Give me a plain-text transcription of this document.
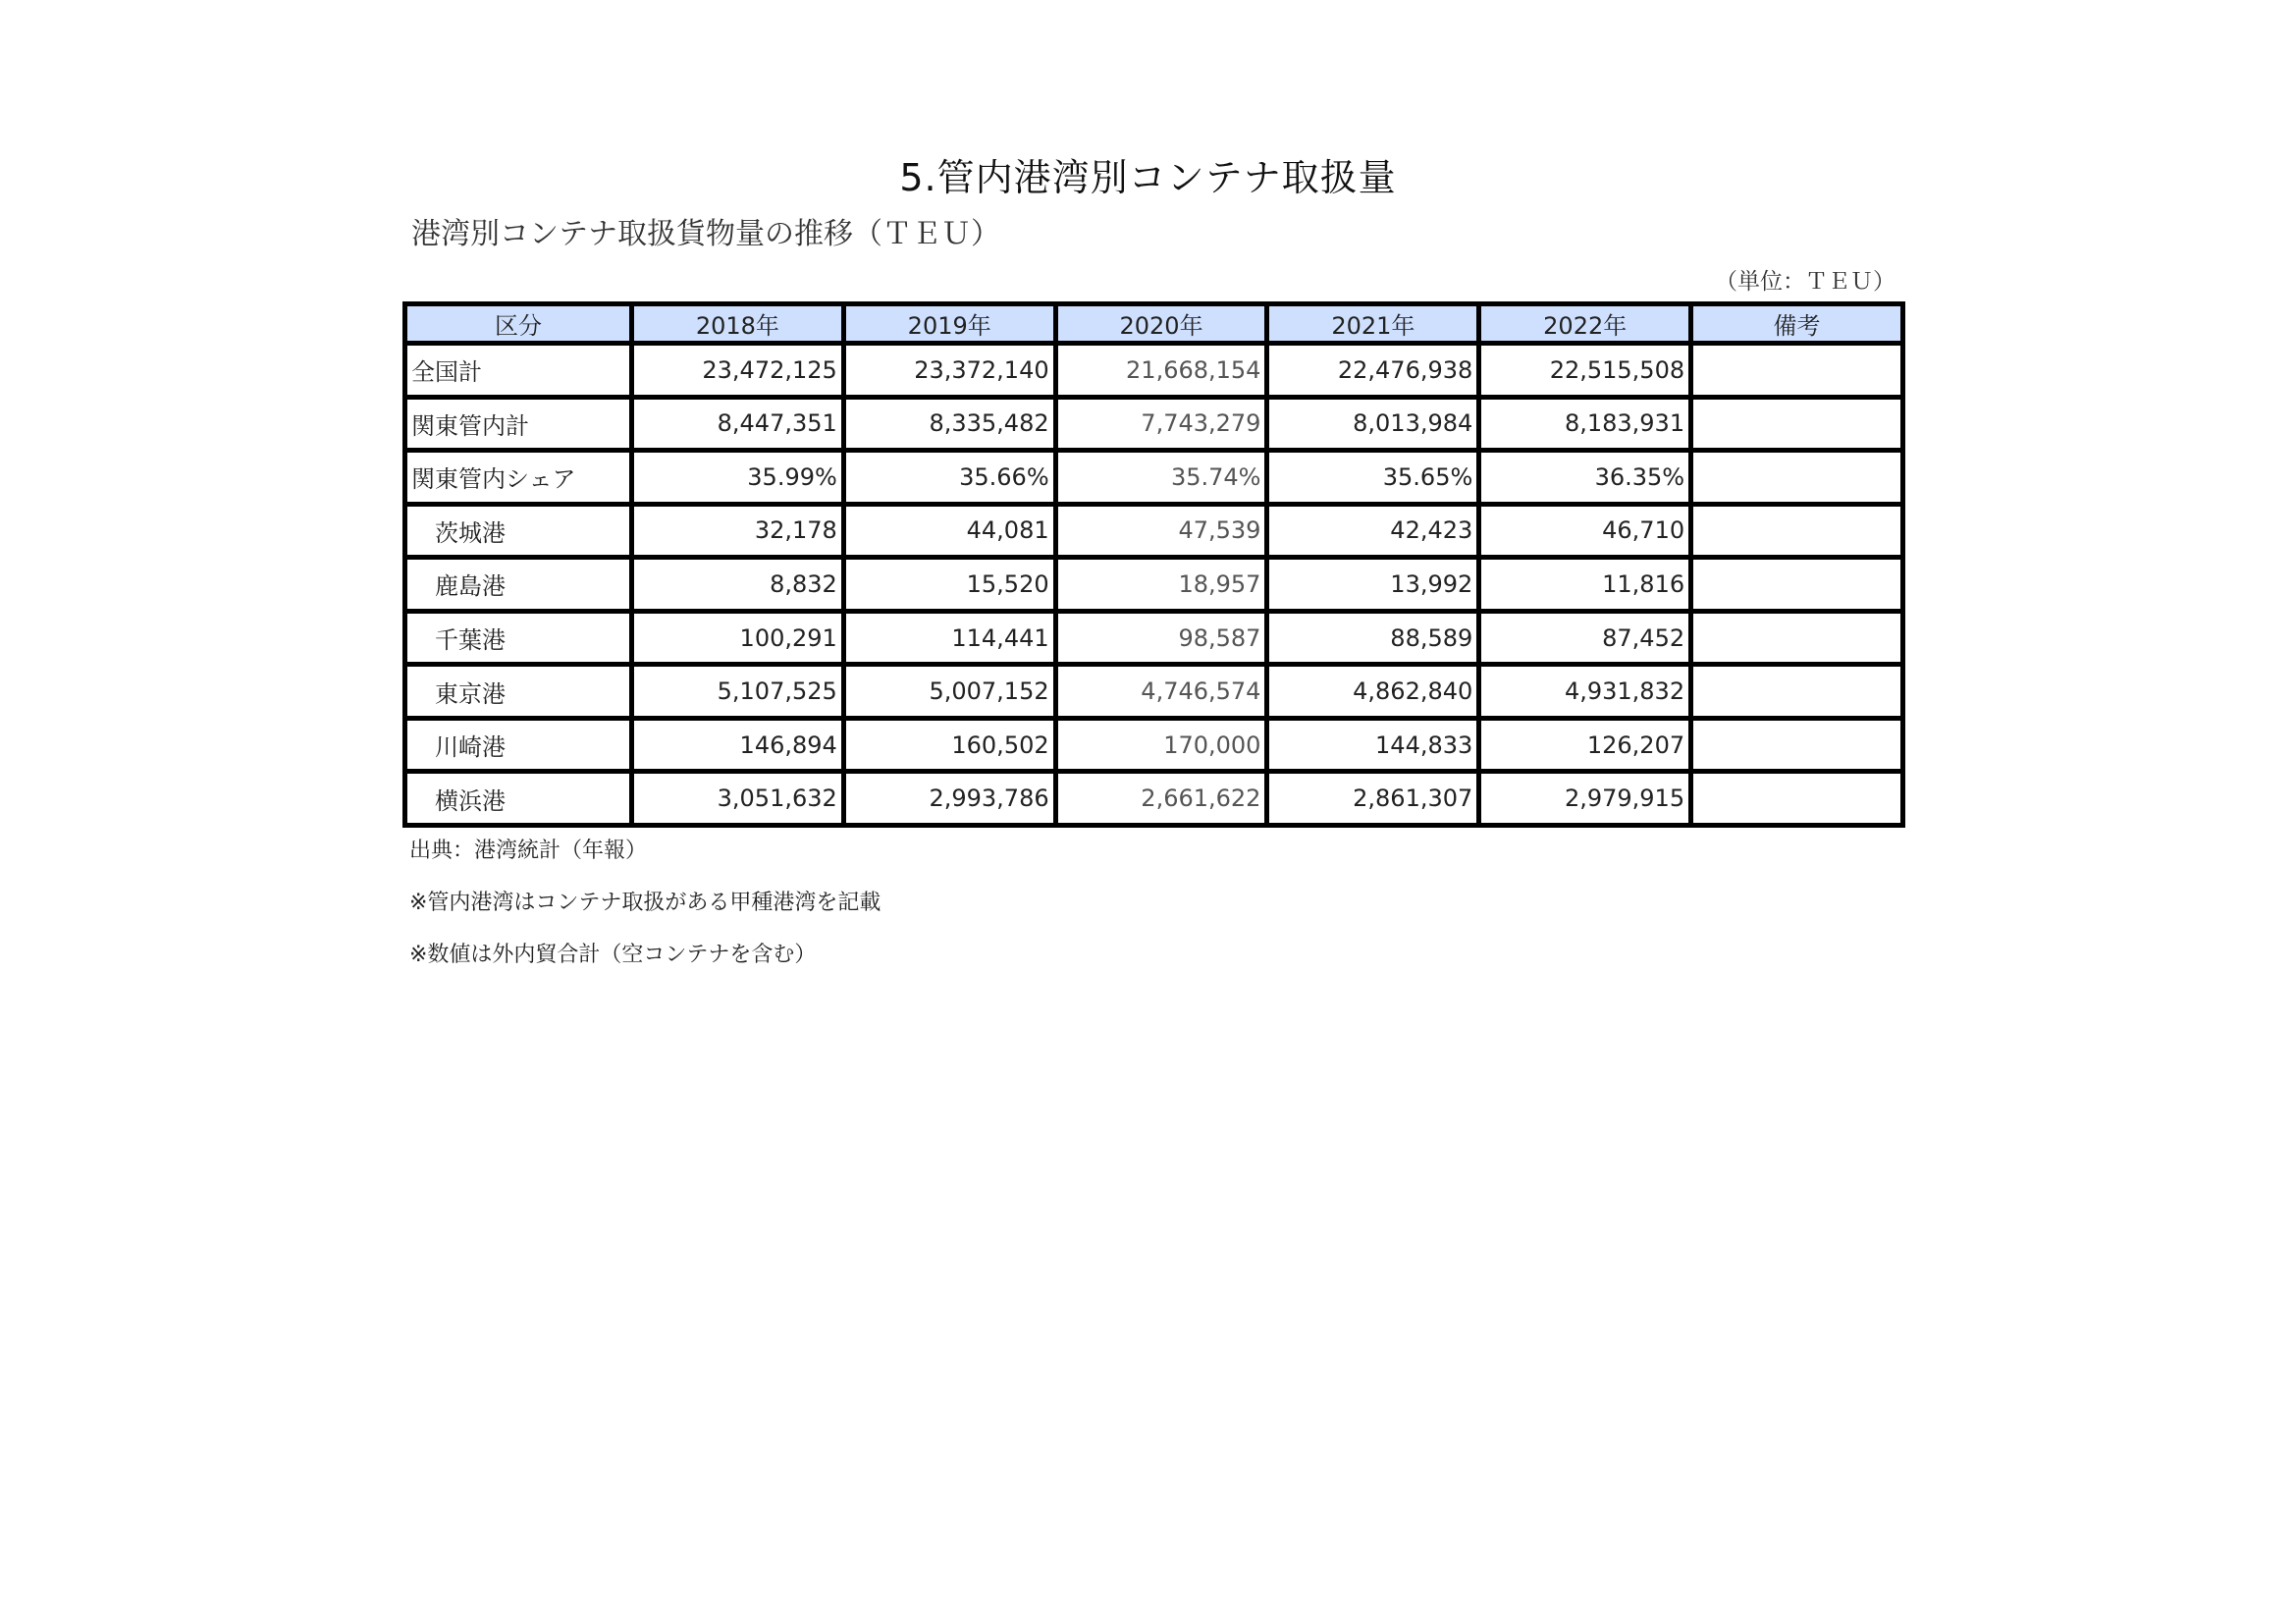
5.管内港湾別コンテナ取扱量
港湾別コンテナ取扱貨物量の推移（ＴＥＵ）
（単位：ＴＥＵ）
区分	2018年	2019年	2020年	2021年	2022年	備考
全国計	23,472,125	23,372,140	21,668,154	22,476,938	22,515,508	
関東管内計	8,447,351	8,335,482	7,743,279	8,013,984	8,183,931	
関東管内シェア	35.99%	35.66%	35.74%	35.65%	36.35%	
茨城港	32,178	44,081	47,539	42,423	46,710	
鹿島港	8,832	15,520	18,957	13,992	11,816	
千葉港	100,291	114,441	98,587	88,589	87,452	
東京港	5,107,525	5,007,152	4,746,574	4,862,840	4,931,832	
川崎港	146,894	160,502	170,000	144,833	126,207	
横浜港	3,051,632	2,993,786	2,661,622	2,861,307	2,979,915	
出典：港湾統計（年報）
※管内港湾はコンテナ取扱がある甲種港湾を記載
※数値は外内貿合計（空コンテナを含む）
